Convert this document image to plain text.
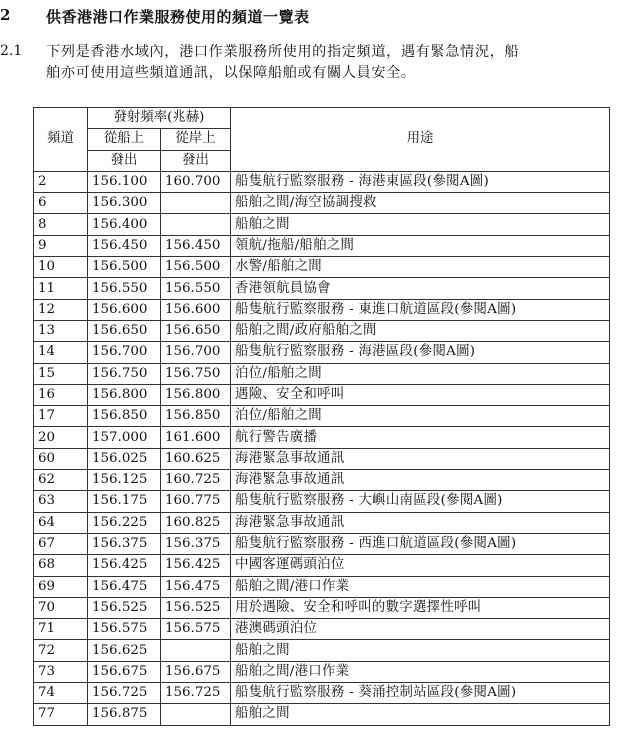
2 供香港港口作業服務使用的頻道一覽表
2.1 下列是香港水域內，港口作業服務所使用的指定頻道，遇有緊急情況，船
舶亦可使用這些頻道通訊，以保障船舶或有關人員安全。
頻道	發射頻率(兆赫)		用途
	從船上	從岸上	
	發出	發出	
2	156.100	160.700	船隻航行監察服務 - 海港東區段(參閱A圖)
6	156.300		船舶之間/海空協調搜救
8	156.400		船舶之間
9	156.450	156.450	領航/拖船/船舶之間
10	156.500	156.500	水警/船舶之間
11	156.550	156.550	香港領航員協會
12	156.600	156.600	船隻航行監察服務 - 東進口航道區段(參閱A圖)
13	156.650	156.650	船舶之間/政府船舶之間
14	156.700	156.700	船隻航行監察服務 - 海港區段(參閱A圖)
15	156.750	156.750	泊位/船舶之間
16	156.800	156.800	遇險、安全和呼叫
17	156.850	156.850	泊位/船舶之間
20	157.000	161.600	航行警告廣播
60	156.025	160.625	海港緊急事故通訊
62	156.125	160.725	海港緊急事故通訊
63	156.175	160.775	船隻航行監察服務 - 大嶼山南區段(參閱A圖)
64	156.225	160.825	海港緊急事故通訊
67	156.375	156.375	船隻航行監察服務 - 西進口航道區段(參閱A圖)
68	156.425	156.425	中國客運碼頭泊位
69	156.475	156.475	船舶之間/港口作業
70	156.525	156.525	用於遇險、安全和呼叫的數字選擇性呼叫
71	156.575	156.575	港澳碼頭泊位
72	156.625		船舶之間
73	156.675	156.675	船舶之間/港口作業
74	156.725	156.725	船隻航行監察服務 - 葵涌控制站區段(參閱A圖)
77	156.875		船舶之間
